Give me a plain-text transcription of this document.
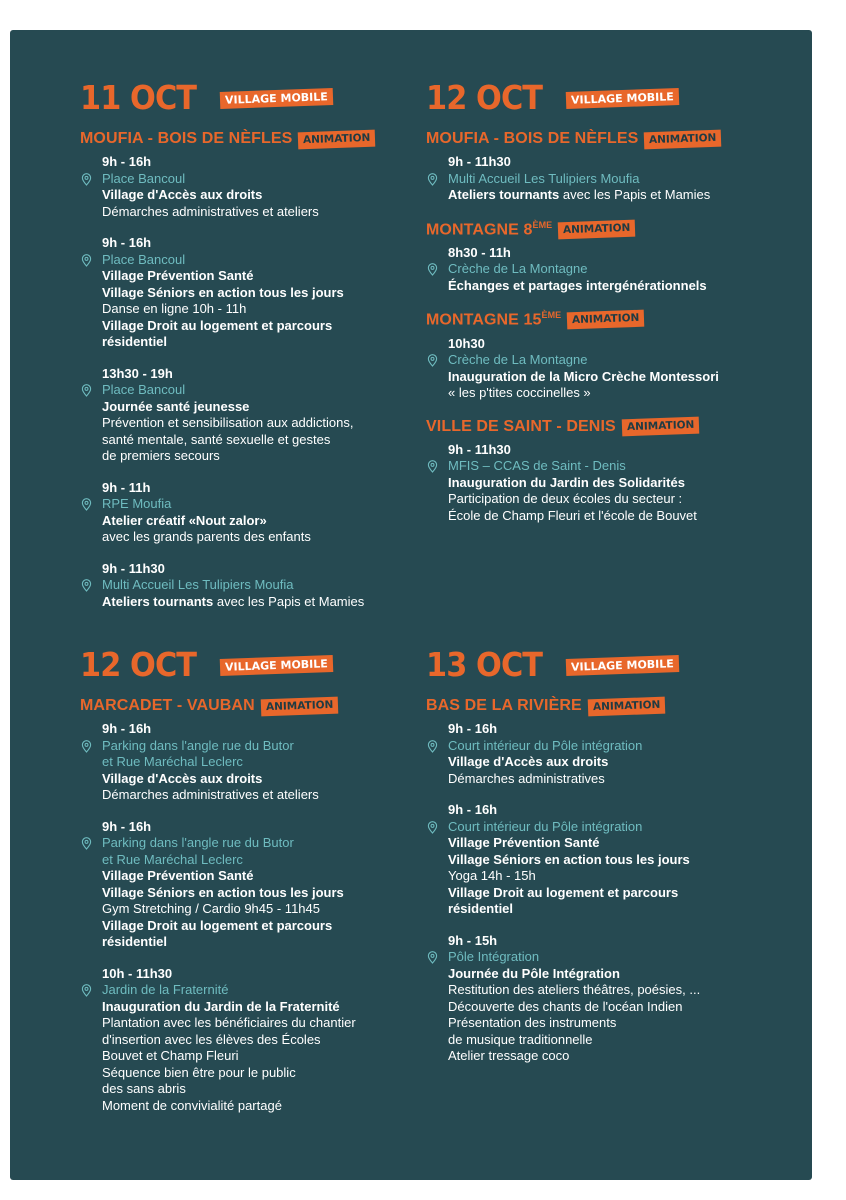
11 OCT	VILLAGE MOBILE
MOUFIA - BOIS DE NÈFLES	ANIMATION
9h - 16h
Place Bancoul
Village d'Accès aux droits
Démarches administratives et ateliers
9h - 16h
Place Bancoul
Village Prévention Santé
Village Séniors en action tous les jours
Danse en ligne 10h - 11h
Village Droit au logement et parcours
résidentiel
13h30 - 19h
Place Bancoul
Journée santé jeunesse
Prévention et sensibilisation aux addictions,
santé mentale, santé sexuelle et gestes
de premiers secours
9h - 11h
RPE Moufia
Atelier créatif «Nout zalor»
avec les grands parents des enfants
9h - 11h30
Multi Accueil Les Tulipiers Moufia
Ateliers tournants avec les Papis et Mamies
12 OCT	VILLAGE MOBILE
MOUFIA - BOIS DE NÈFLES	ANIMATION
9h - 11h30
Multi Accueil Les Tulipiers Moufia
Ateliers tournants avec les Papis et Mamies
MONTAGNE 8ÈME	ANIMATION
8h30 - 11h
Crèche de La Montagne
Échanges et partages intergénérationnels
MONTAGNE 15ÈME	ANIMATION
10h30
Crèche de La Montagne
Inauguration de la Micro Crèche Montessori
« les p'tites coccinelles »
VILLE DE SAINT - DENIS	ANIMATION
9h - 11h30
MFIS – CCAS de Saint - Denis
Inauguration du Jardin des Solidarités
Participation de deux écoles du secteur :
École de Champ Fleuri et l'école de Bouvet
12 OCT	VILLAGE MOBILE
MARCADET - VAUBAN	ANIMATION
9h - 16h
Parking dans l'angle rue du Butor
et Rue Maréchal Leclerc
Village d'Accès aux droits
Démarches administratives et ateliers
9h - 16h
Parking dans l'angle rue du Butor
et Rue Maréchal Leclerc
Village Prévention Santé
Village Séniors en action tous les jours
Gym Stretching / Cardio 9h45 - 11h45
Village Droit au logement et parcours
résidentiel
10h - 11h30
Jardin de la Fraternité
Inauguration du Jardin de la Fraternité
Plantation avec les bénéficiaires du chantier
d'insertion avec les élèves des Écoles
Bouvet et Champ Fleuri
Séquence bien être pour le public
des sans abris
Moment de convivialité partagé
13 OCT	VILLAGE MOBILE
BAS DE LA RIVIÈRE	ANIMATION
9h - 16h
Court intérieur du Pôle intégration
Village d'Accès aux droits
Démarches administratives
9h - 16h
Court intérieur du Pôle intégration
Village Prévention Santé
Village Séniors en action tous les jours
Yoga 14h - 15h
Village Droit au logement et parcours
résidentiel
9h - 15h
Pôle Intégration
Journée du Pôle Intégration
Restitution des ateliers théâtres, poésies, ...
Découverte des chants de l'océan Indien
Présentation des instruments
de musique traditionnelle
Atelier tressage coco
